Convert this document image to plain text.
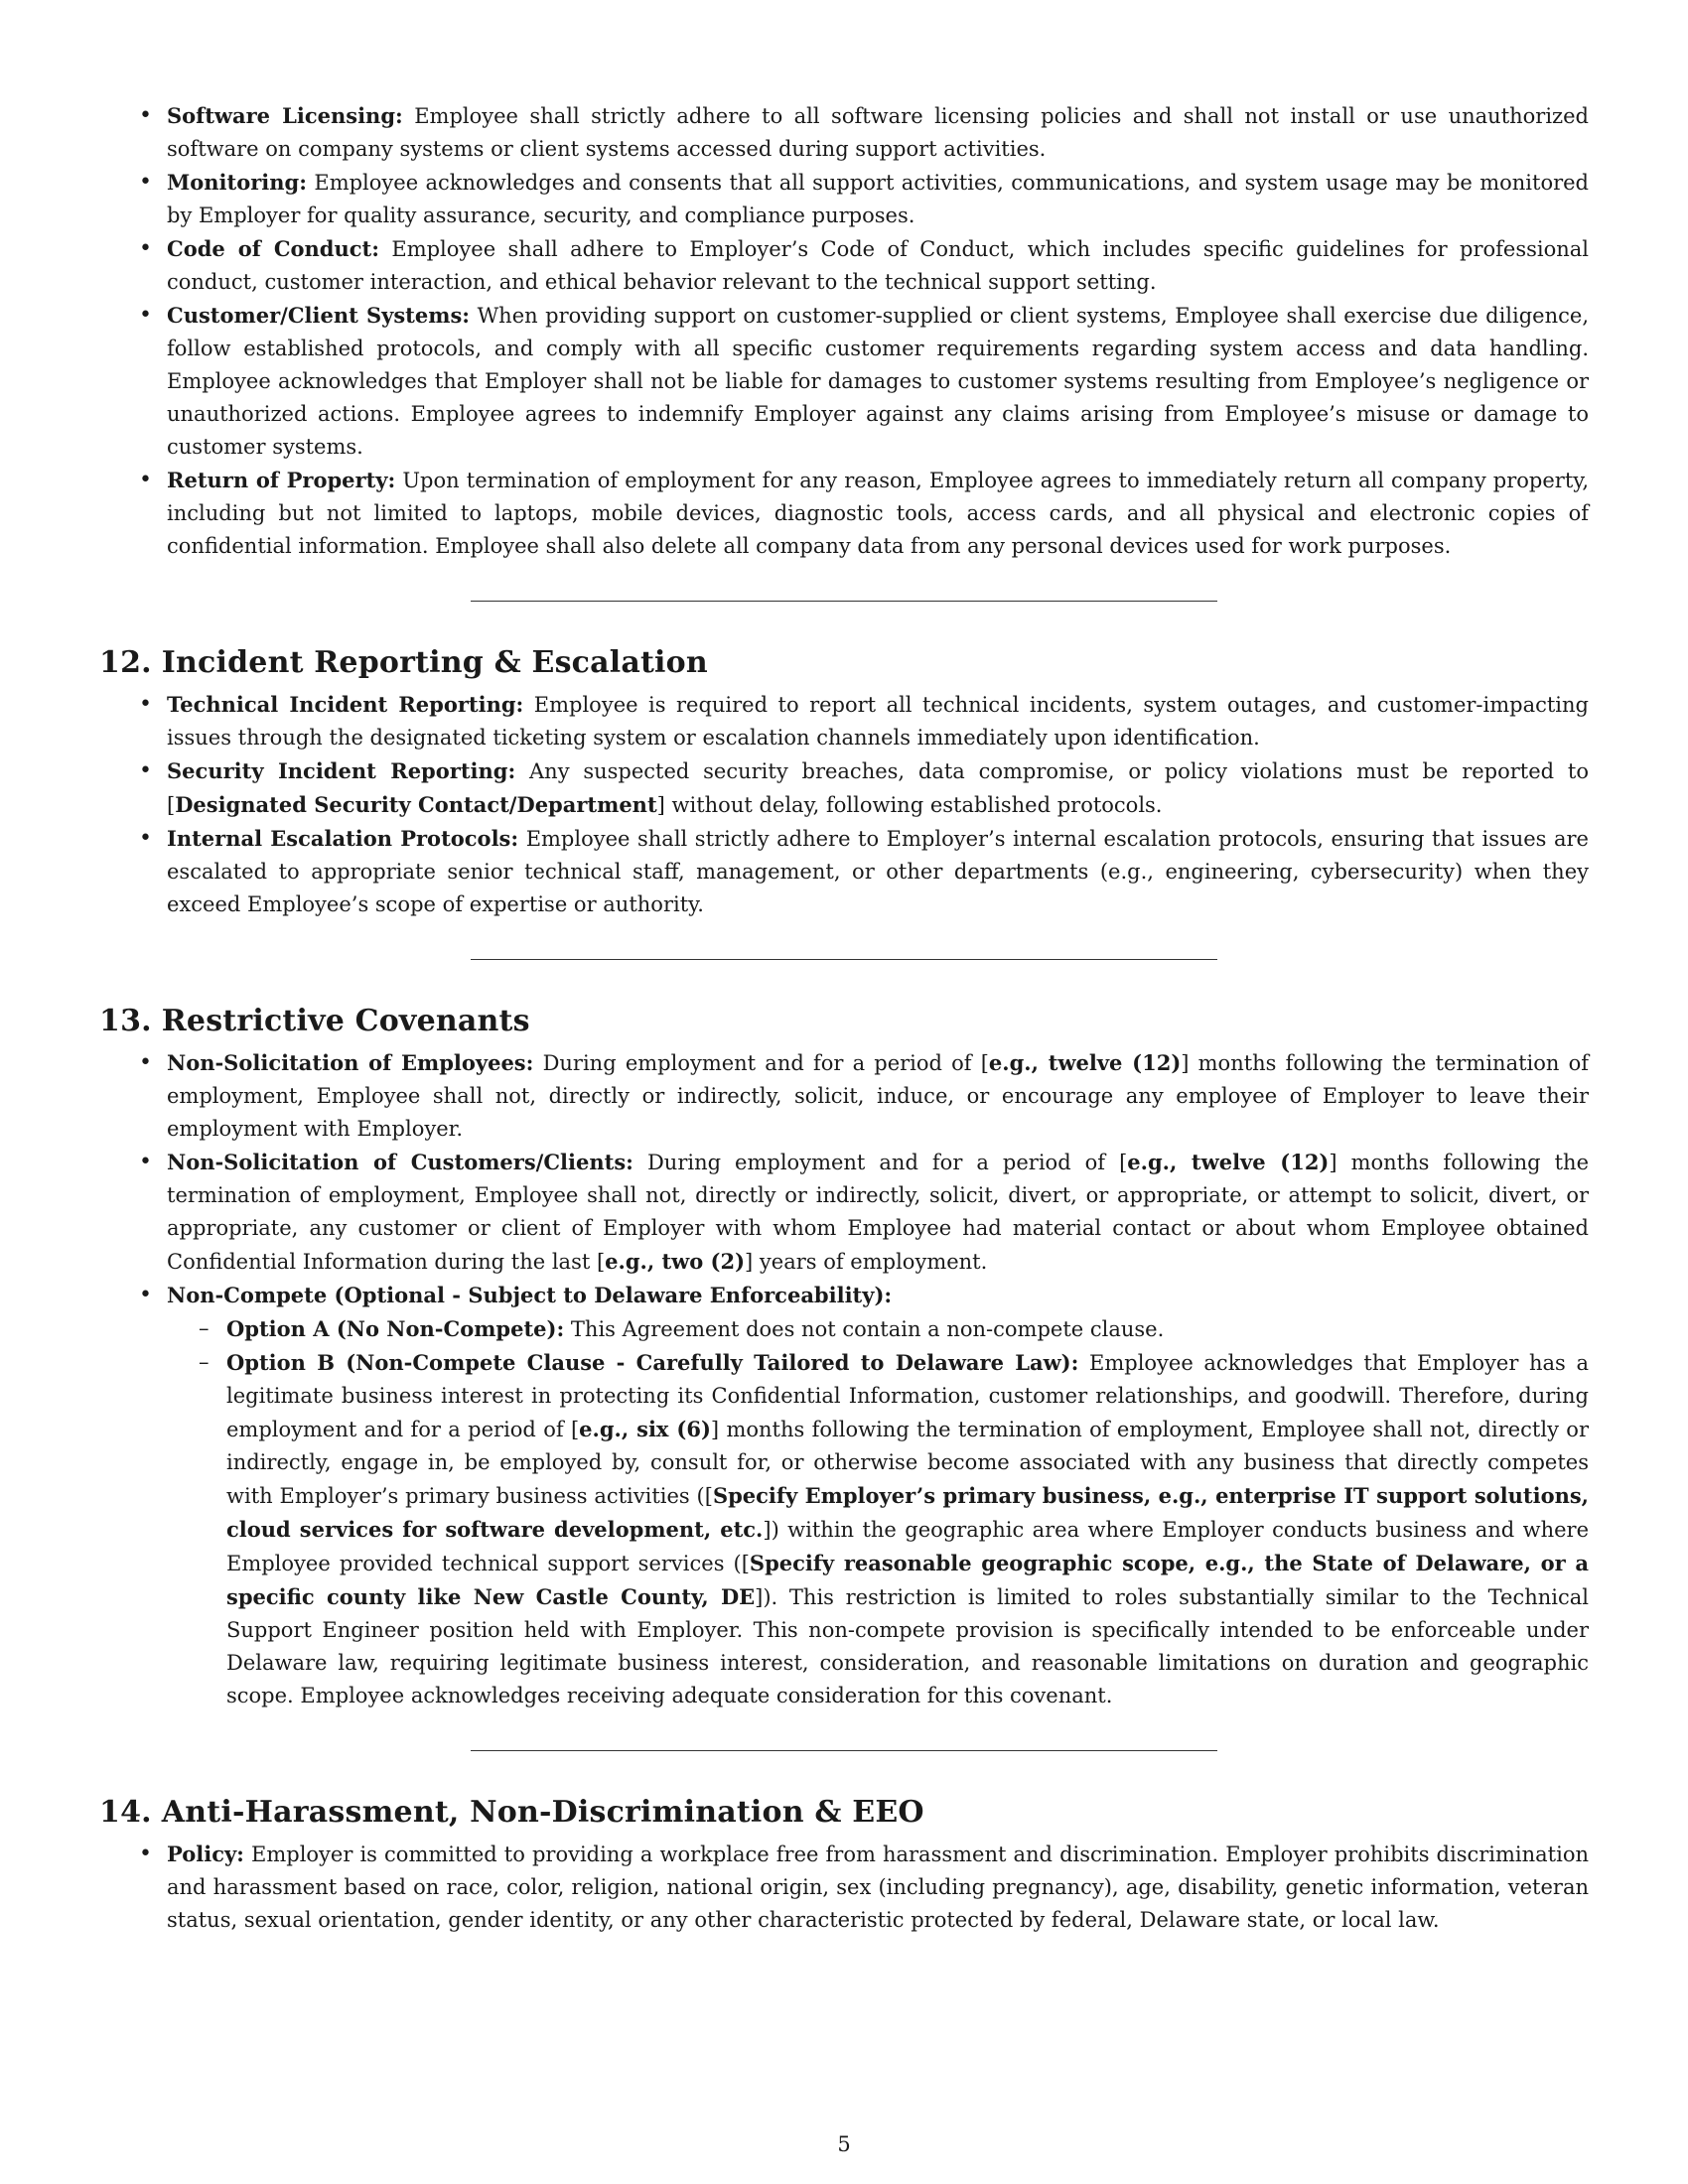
• Software Licensing: Employee shall strictly adhere to all software licensing policies and shall not install or use unauthorized software on company systems or client systems accessed during support activities.
• Monitoring: Employee acknowledges and consents that all support activities, communications, and system usage may be monitored by Employer for quality assurance, security, and compliance purposes.
• Code of Conduct: Employee shall adhere to Employer’s Code of Conduct, which includes specific guidelines for professional conduct, customer interaction, and ethical behavior relevant to the technical support setting.
• Customer/Client Systems: When providing support on customer-supplied or client systems, Employee shall exercise due diligence, follow established protocols, and comply with all specific customer requirements regarding system access and data handling. Employee acknowledges that Employer shall not be liable for damages to customer systems resulting from Employee’s negligence or unauthorized actions. Employee agrees to indemnify Employer against any claims arising from Employee’s misuse or damage to customer systems.
• Return of Property: Upon termination of employment for any reason, Employee agrees to immediately return all company property, including but not limited to laptops, mobile devices, diagnostic tools, access cards, and all physical and electronic copies of confidential information. Employee shall also delete all company data from any personal devices used for work purposes.
12. Incident Reporting & Escalation
• Technical Incident Reporting: Employee is required to report all technical incidents, system outages, and customer-impacting issues through the designated ticketing system or escalation channels immediately upon identification.
• Security Incident Reporting: Any suspected security breaches, data compromise, or policy violations must be reported to [Designated Security Contact/Department] without delay, following established protocols.
• Internal Escalation Protocols: Employee shall strictly adhere to Employer’s internal escalation protocols, ensuring that issues are escalated to appropriate senior technical staff, management, or other departments (e.g., engineering, cybersecurity) when they exceed Employee’s scope of expertise or authority.
13. Restrictive Covenants
• Non-Solicitation of Employees: During employment and for a period of [e.g., twelve (12)] months following the termination of employment, Employee shall not, directly or indirectly, solicit, induce, or encourage any employee of Employer to leave their employment with Employer.
• Non-Solicitation of Customers/Clients: During employment and for a period of [e.g., twelve (12)] months following the termination of employment, Employee shall not, directly or indirectly, solicit, divert, or appropriate, or attempt to solicit, divert, or appropriate, any customer or client of Employer with whom Employee had material contact or about whom Employee obtained Confidential Information during the last [e.g., two (2)] years of employment.
• Non-Compete (Optional - Subject to Delaware Enforceability):
– Option A (No Non-Compete): This Agreement does not contain a non-compete clause.
– Option B (Non-Compete Clause - Carefully Tailored to Delaware Law): Employee acknowledges that Employer has a legitimate business interest in protecting its Confidential Information, customer relationships, and goodwill. Therefore, during employment and for a period of [e.g., six (6)] months following the termination of employment, Employee shall not, directly or indirectly, engage in, be employed by, consult for, or otherwise become associated with any business that directly competes with Employer’s primary business activities ([Specify Employer’s primary business, e.g., enterprise IT support solutions, cloud services for software development, etc.]) within the geographic area where Employer conducts business and where Employee provided technical support services ([Specify reasonable geographic scope, e.g., the State of Delaware, or a specific county like New Castle County, DE]). This restriction is limited to roles substantially similar to the Technical Support Engineer position held with Employer. This non-compete provision is specifically intended to be enforceable under Delaware law, requiring legitimate business interest, consideration, and reasonable limitations on duration and geographic scope. Employee acknowledges receiving adequate consideration for this covenant.
14. Anti-Harassment, Non-Discrimination & EEO
• Policy: Employer is committed to providing a workplace free from harassment and discrimination. Employer prohibits discrimination and harassment based on race, color, religion, national origin, sex (including pregnancy), age, disability, genetic information, veteran status, sexual orientation, gender identity, or any other characteristic protected by federal, Delaware state, or local law.
5
